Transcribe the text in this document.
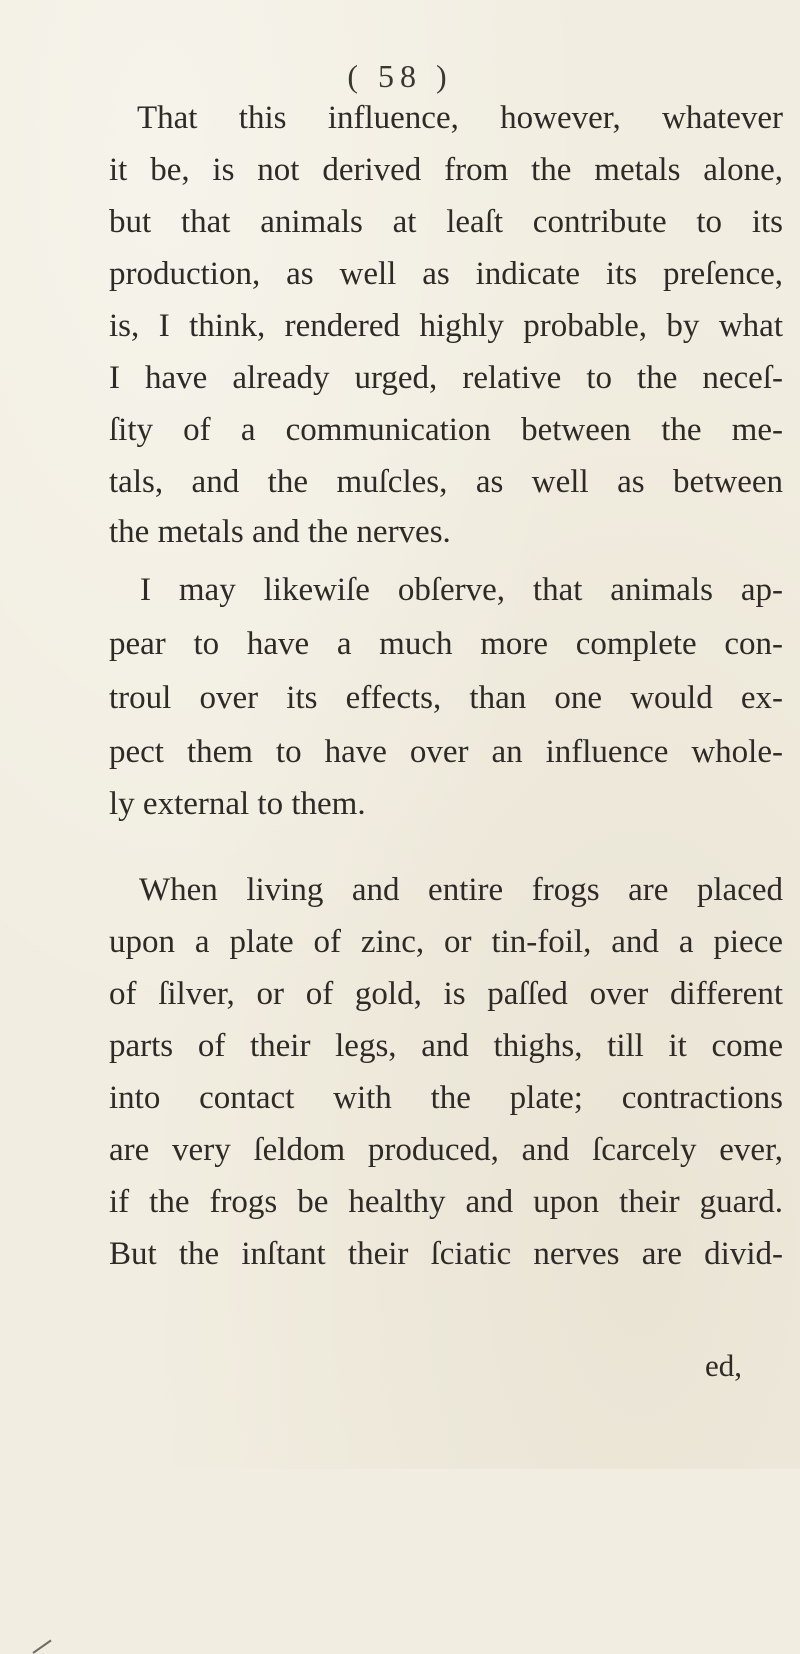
( 58 )
That this influence, however, whatever
it be, is not derived from the metals alone,
but that animals at leaſt contribute to its
production, as well as indicate its preſence,
is, I think, rendered highly probable, by what
I have already urged, relative to the neceſ-
ſity of a communication between the me-
tals, and the muſcles, as well as between
the metals and the nerves.
I may likewiſe obſerve, that animals ap-
pear to have a much more complete con-
troul over its effects, than one would ex-
pect them to have over an influence whole-
ly external to them.
When living and entire frogs are placed
upon a plate of zinc, or tin-foil, and a piece
of ſilver, or of gold, is paſſed over different
parts of their legs, and thighs, till it come
into contact with the plate; contractions
are very ſeldom produced, and ſcarcely ever,
if the frogs be healthy and upon their guard.
But the inſtant their ſciatic nerves are divid-
ed,
